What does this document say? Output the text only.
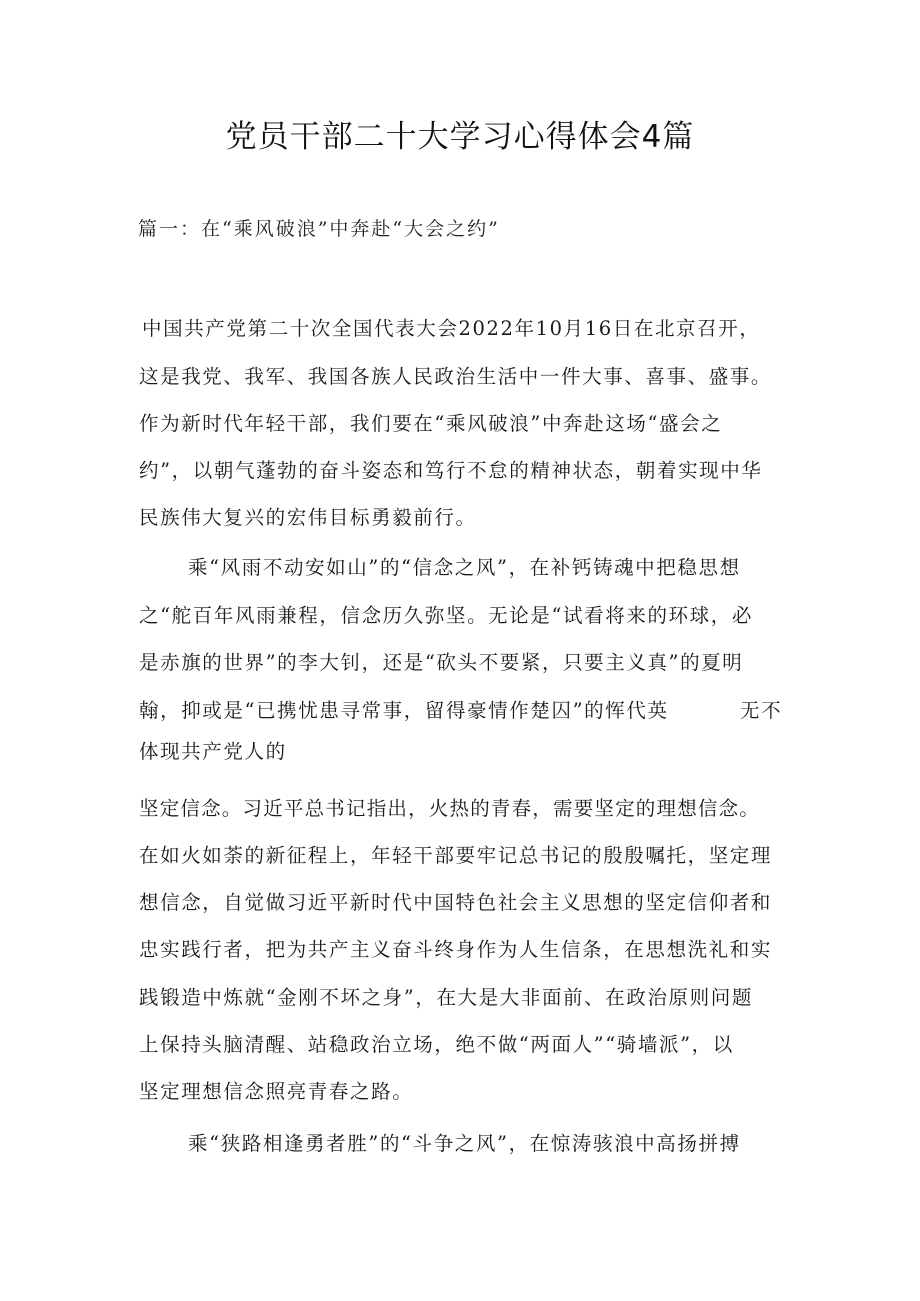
党员干部二十大学习心得体会4篇
篇一：在“乘风破浪”中奔赴“大会之约”
中国共产党第二十次全国代表大会2022年10月16日在北京召开，
这是我党、我军、我国各族人民政治生活中一件大事、喜事、盛事。
作为新时代年轻干部，我们要在“乘风破浪”中奔赴这场“盛会之
约”，以朝气蓬勃的奋斗姿态和笃行不怠的精神状态，朝着实现中华
民族伟大复兴的宏伟目标勇毅前行。
乘“风雨不动安如山”的“信念之风”，在补钙铸魂中把稳思想
之“舵百年风雨兼程，信念历久弥坚。无论是“试看将来的环球，必
是赤旗的世界”的李大钊，还是“砍头不要紧，只要主义真”的夏明
翰，抑或是“已携忧患寻常事，留得豪情作楚囚”的恽代英	无不
体现共产党人的
坚定信念。习近平总书记指出，火热的青春，需要坚定的理想信念。
在如火如荼的新征程上，年轻干部要牢记总书记的殷殷嘱托，坚定理
想信念，自觉做习近平新时代中国特色社会主义思想的坚定信仰者和
忠实践行者，把为共产主义奋斗终身作为人生信条，在思想洗礼和实
践锻造中炼就“金刚不坏之身”，在大是大非面前、在政治原则问题
上保持头脑清醒、站稳政治立场，绝不做“两面人”“骑墙派”，以
坚定理想信念照亮青春之路。
乘“狭路相逢勇者胜”的“斗争之风”，在惊涛骇浪中高扬拼搏
